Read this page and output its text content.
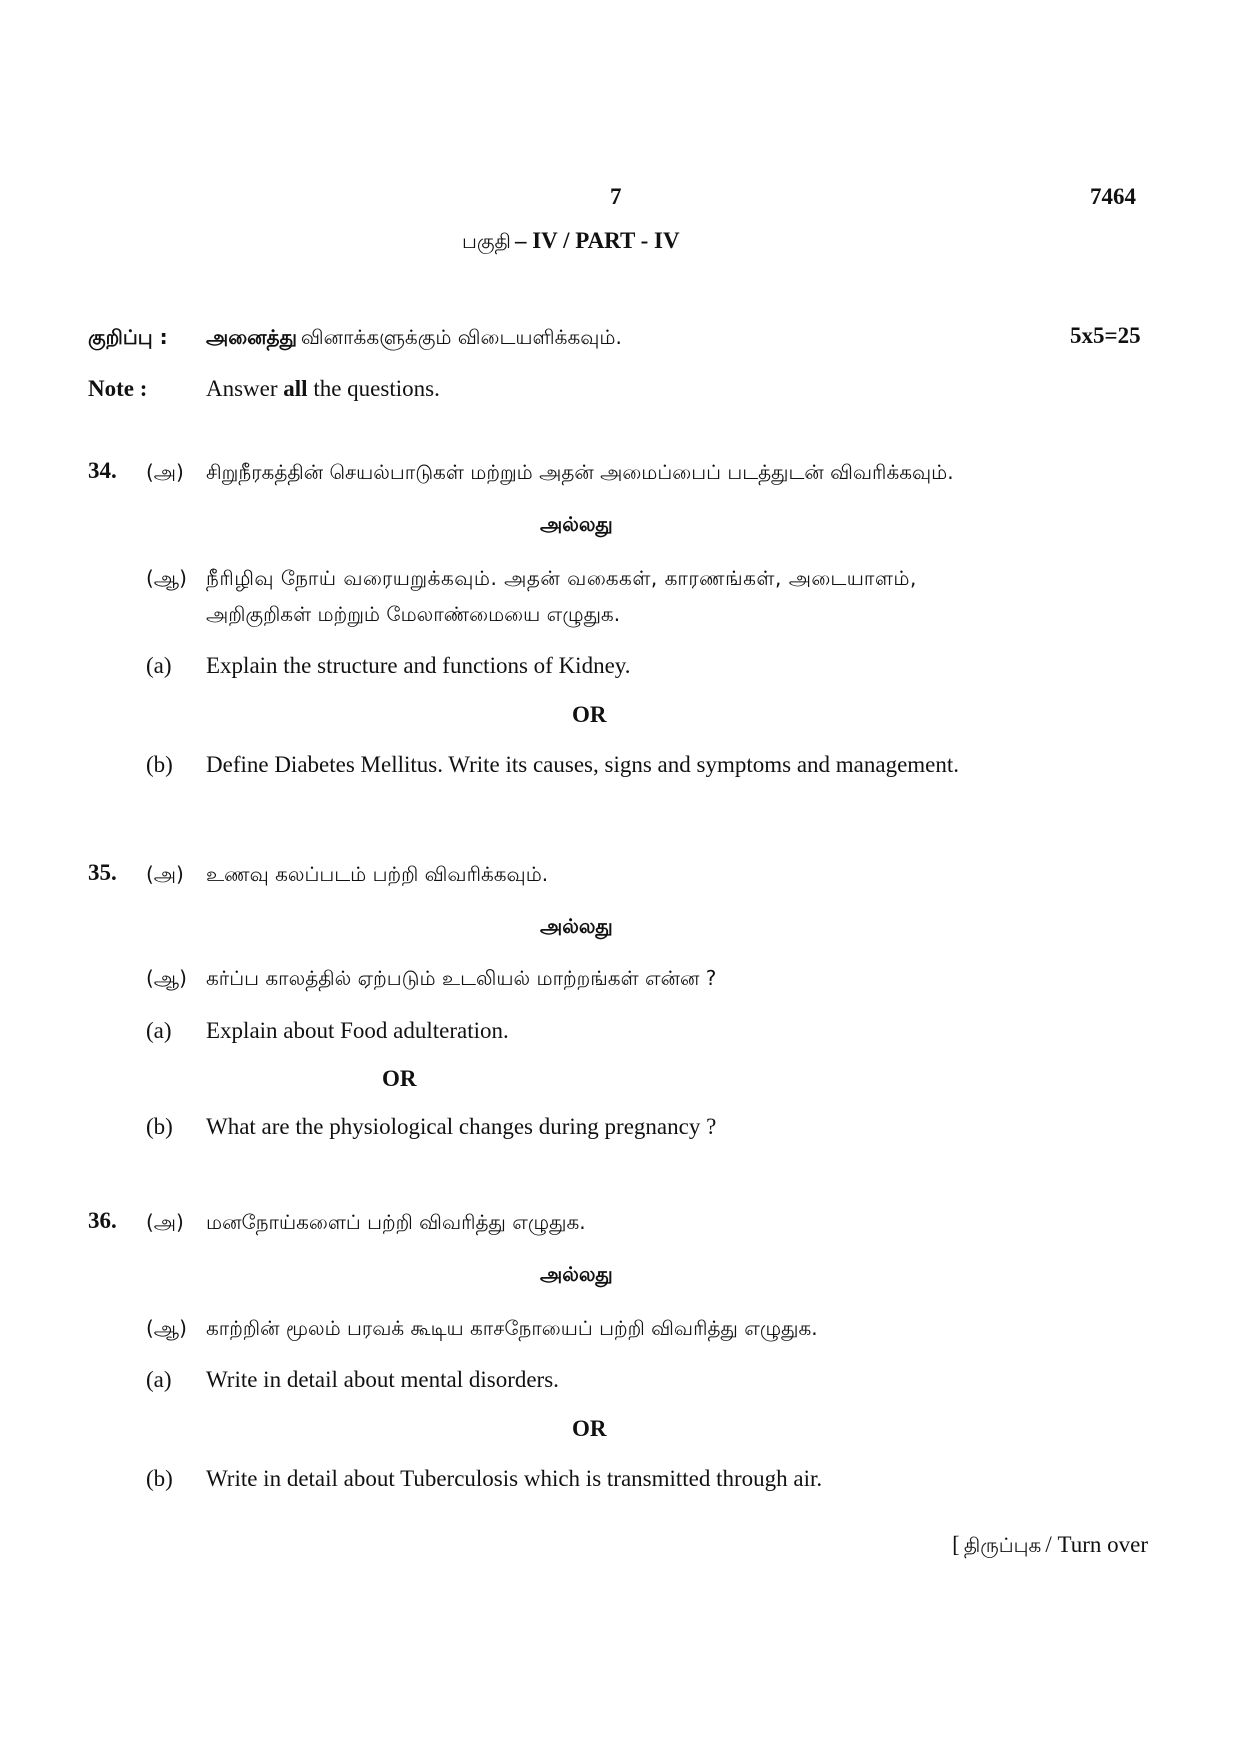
7	7464
பகுதி – IV / PART - IV
குறிப்பு : அனைத்து வினாக்களுக்கும் விடையளிக்கவும்.	5x5=25
Note :	Answer all the questions.
34. (அ) சிறுநீரகத்தின் செயல்பாடுகள் மற்றும் அதன் அமைப்பைப் படத்துடன் விவரிக்கவும்.
அல்லது
(ஆ) நீரிழிவு நோய் வரையறுக்கவும். அதன் வகைகள், காரணங்கள், அடையாளம்,
அறிகுறிகள் மற்றும் மேலாண்மையை எழுதுக.
(a) Explain the structure and functions of Kidney.
OR
(b) Define Diabetes Mellitus. Write its causes, signs and symptoms and management.
35. (அ) உணவு கலப்படம் பற்றி விவரிக்கவும்.
அல்லது
(ஆ) கர்ப்ப காலத்தில் ஏற்படும் உடலியல் மாற்றங்கள் என்ன ?
(a) Explain about Food adulteration.
OR
(b) What are the physiological changes during pregnancy ?
36. (அ) மனநோய்களைப் பற்றி விவரித்து எழுதுக.
அல்லது
(ஆ) காற்றின் மூலம் பரவக் கூடிய காசநோயைப் பற்றி விவரித்து எழுதுக.
(a) Write in detail about mental disorders.
OR
(b) Write in detail about Tuberculosis which is transmitted through air.
[ திருப்புக / Turn over
